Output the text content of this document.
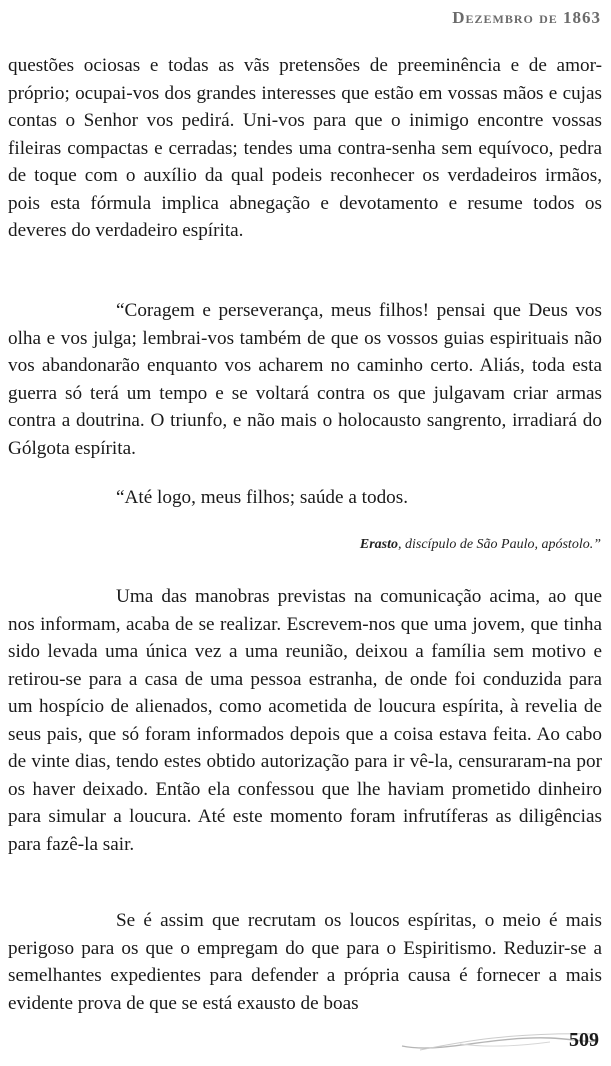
Dezembro de 1863

questões ociosas e todas as vãs pretensões de preeminência e de amor-próprio; ocupai-vos dos grandes interesses que estão em vossas mãos e cujas contas o Senhor vos pedirá. Uni-vos para que o inimigo encontre vossas fileiras compactas e cerradas; tendes uma contra-senha sem equívoco, pedra de toque com o auxílio da qual podeis reconhecer os verdadeiros irmãos, pois esta fórmula implica abnegação e devotamento e resume todos os deveres do verdadeiro espírita.

“Coragem e perseverança, meus filhos! pensai que Deus vos olha e vos julga; lembrai-vos também de que os vossos guias espirituais não vos abandonarão enquanto vos acharem no caminho certo. Aliás, toda esta guerra só terá um tempo e se voltará contra os que julgavam criar armas contra a doutrina. O triunfo, e não mais o holocausto sangrento, irradiará do Gólgota espírita.

“Até logo, meus filhos; saúde a todos.

Erasto, discípulo de São Paulo, apóstolo.”

Uma das manobras previstas na comunicação acima, ao que nos informam, acaba de se realizar. Escrevem-nos que uma jovem, que tinha sido levada uma única vez a uma reunião, deixou a família sem motivo e retirou-se para a casa de uma pessoa estranha, de onde foi conduzida para um hospício de alienados, como acometida de loucura espírita, à revelia de seus pais, que só foram informados depois que a coisa estava feita. Ao cabo de vinte dias, tendo estes obtido autorização para ir vê-la, censuraram-na por os haver deixado. Então ela confessou que lhe haviam prometido dinheiro para simular a loucura. Até este momento foram infrutíferas as diligências para fazê-la sair.

Se é assim que recrutam os loucos espíritas, o meio é mais perigoso para os que o empregam do que para o Espiritismo. Reduzir-se a semelhantes expedientes para defender a própria causa é fornecer a mais evidente prova de que se está exausto de boas

509
